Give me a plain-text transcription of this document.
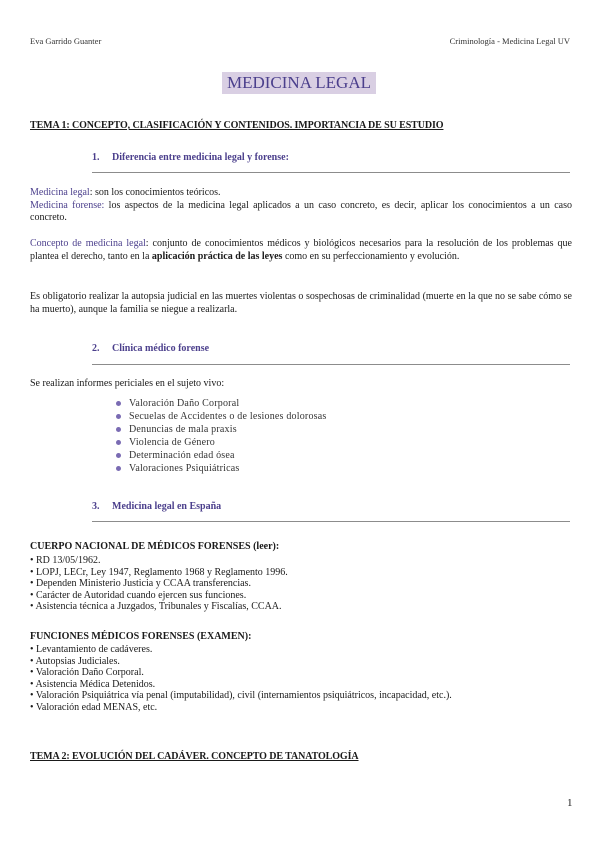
Eva Garrido Guanter	Criminología - Medicina Legal UV
MEDICINA LEGAL
TEMA 1: CONCEPTO, CLASIFICACIÓN Y CONTENIDOS. IMPORTANCIA DE SU ESTUDIO
1. Diferencia entre medicina legal y forense:
Medicina legal: son los conocimientos teóricos.
Medicina forense: los aspectos de la medicina legal aplicados a un caso concreto, es decir, aplicar los conocimientos a un caso concreto.
Concepto de medicina legal: conjunto de conocimientos médicos y biológicos necesarios para la resolución de los problemas que plantea el derecho, tanto en la aplicación práctica de las leyes como en su perfeccionamiento y evolución.
Es obligatorio realizar la autopsia judicial en las muertes violentas o sospechosas de criminalidad (muerte en la que no se sabe cómo se ha muerto), aunque la familia se niegue a realizarla.
2. Clínica médico forense
Se realizan informes periciales en el sujeto vivo:
Valoración Daño Corporal
Secuelas de Accidentes o de lesiones dolorosas
Denuncias de mala praxis
Violencia de Género
Determinación edad ósea
Valoraciones Psiquiátricas
3. Medicina legal en España
CUERPO NACIONAL DE MÉDICOS FORENSES (leer):
• RD 13/05/1962.
• LOPJ, LECr, Ley 1947, Reglamento 1968 y Reglamento 1996.
• Dependen Ministerio Justicia y CCAA transferencias.
• Carácter de Autoridad cuando ejercen sus funciones.
• Asistencia técnica a Juzgados, Tribunales y Fiscalías, CCAA.
FUNCIONES MÉDICOS FORENSES (EXAMEN):
• Levantamiento de cadáveres.
• Autopsias Judiciales.
• Valoración Daño Corporal.
• Asistencia Médica Detenidos.
• Valoración Psiquiátrica vía penal (imputabilidad), civil (internamientos psiquiátricos, incapacidad, etc.).
• Valoración edad MENAS, etc.
TEMA 2: EVOLUCIÓN DEL CADÁVER. CONCEPTO DE TANATOLOGÍA
1
